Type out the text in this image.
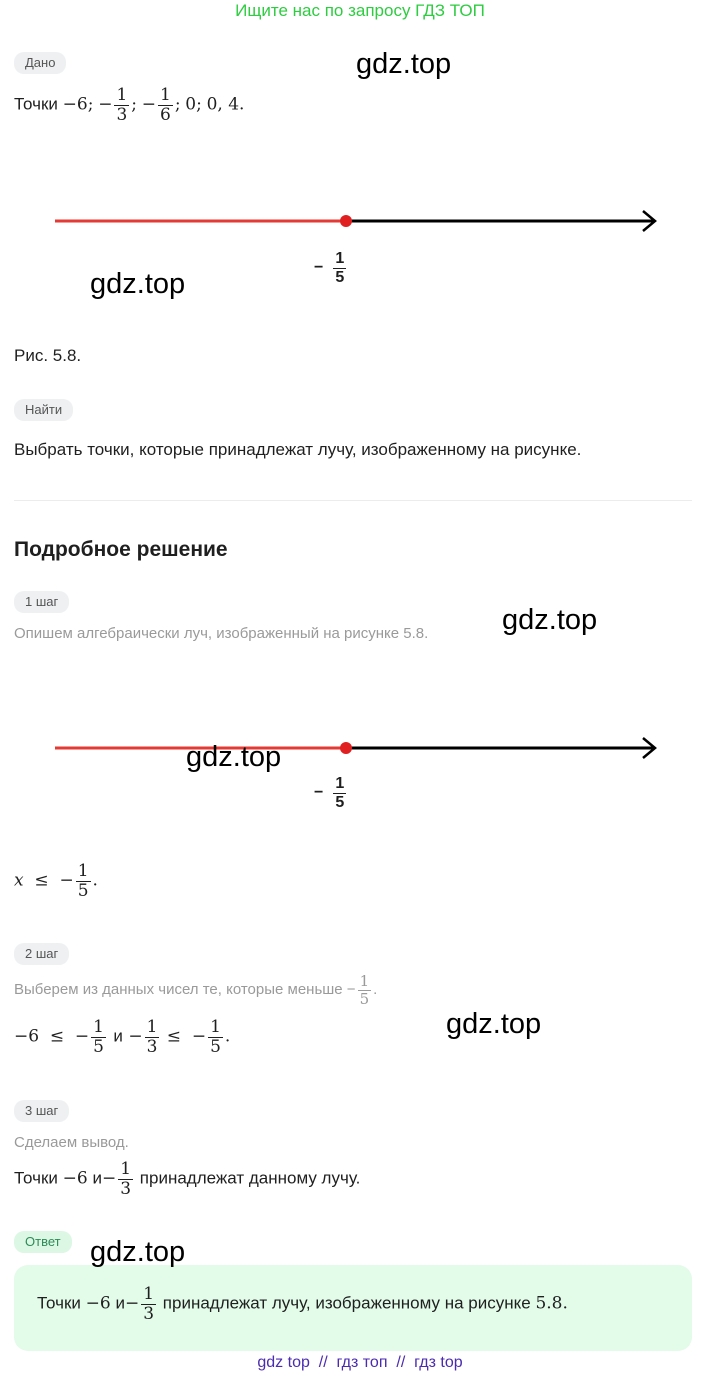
Ищите нас по запросу ГДЗ ТОП
Дано	gdz.top
Точки −6; − $\frac{1}{3}$ ; − $\frac{1}{6}$ ; 0; 0, 4.
− $\frac{1}{5}$
gdz.top
Рис. 5.8.
Найти
Выбрать точки, которые принадлежат лучу, изображенному на рисунке.
Подробное решение
1 шаг
Опишем алгебраически луч, изображенный на рисунке 5.8.	gdz.top
gdz.top
− $\frac{1}{5}$
x  ≤  − $\frac{1}{5}$ .
2 шаг
Выберем из данных чисел те, которые меньше − $\frac{1}{5}$ .
gdz.top
−6  ≤  − $\frac{1}{5}$ $и - \frac{1}{3}$ ≤  − $\frac{1}{5}$ .
3 шаг
Сделаем вывод.
Точки −6 $и- \frac{1}{3}$ принадлежат данному лучу.
Ответ	gdz.top
Точки −6 $и- \frac{1}{3}$ принадлежат лучу, изображенному на рисунке 5.8.
gdz top  //  гдз топ  //  гдз top
